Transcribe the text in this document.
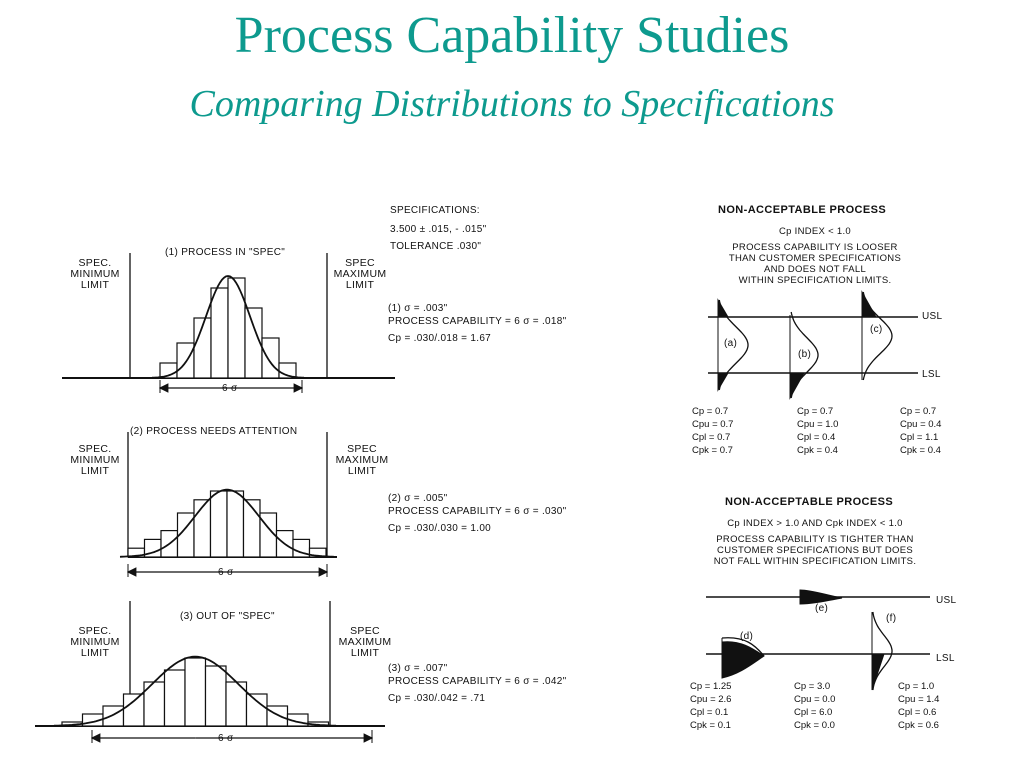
Process Capability Studies
Comparing Distributions to Specifications
SPEC.
MINIMUM
LIMIT
SPEC
MAXIMUM
LIMIT
SPEC.
MINIMUM
LIMIT
SPEC
MAXIMUM
LIMIT
SPEC.
MINIMUM
LIMIT
SPEC
MAXIMUM
LIMIT
(1) PROCESS IN "SPEC"
(2) PROCESS NEEDS ATTENTION
(3) OUT OF "SPEC"
6 σ
6 σ
6 σ
SPECIFICATIONS:
3.500 ± .015, - .015"
TOLERANCE .030"
(1) σ = .003"
PROCESS CAPABILITY = 6 σ = .018"
Cp = .030/.018 = 1.67
(2) σ = .005"
PROCESS CAPABILITY = 6 σ = .030"
Cp = .030/.030 = 1.00
(3) σ = .007"
PROCESS CAPABILITY = 6 σ = .042"
Cp = .030/.042 = .71
NON-ACCEPTABLE PROCESS
Cp INDEX < 1.0
PROCESS CAPABILITY IS LOOSER
THAN CUSTOMER SPECIFICATIONS
AND DOES NOT FALL
WITHIN SPECIFICATION LIMITS.
USL
LSL
(a)
(b)
(c)
Cp = 0.7
Cpu = 0.7
Cpl = 0.7
Cpk = 0.7
Cp = 0.7
Cpu = 1.0
Cpl = 0.4
Cpk = 0.4
Cp = 0.7
Cpu = 0.4
Cpl = 1.1
Cpk = 0.4
NON-ACCEPTABLE PROCESS
Cp INDEX > 1.0 AND Cpk INDEX < 1.0
PROCESS CAPABILITY IS TIGHTER THAN
CUSTOMER SPECIFICATIONS BUT DOES
NOT FALL WITHIN SPECIFICATION LIMITS.
USL
LSL
(d)
(e)
(f)
Cp = 1.25
Cpu = 2.6
Cpl = 0.1
Cpk = 0.1
Cp = 3.0
Cpu = 0.0
Cpl = 6.0
Cpk = 0.0
Cp = 1.0
Cpu = 1.4
Cpl = 0.6
Cpk = 0.6
